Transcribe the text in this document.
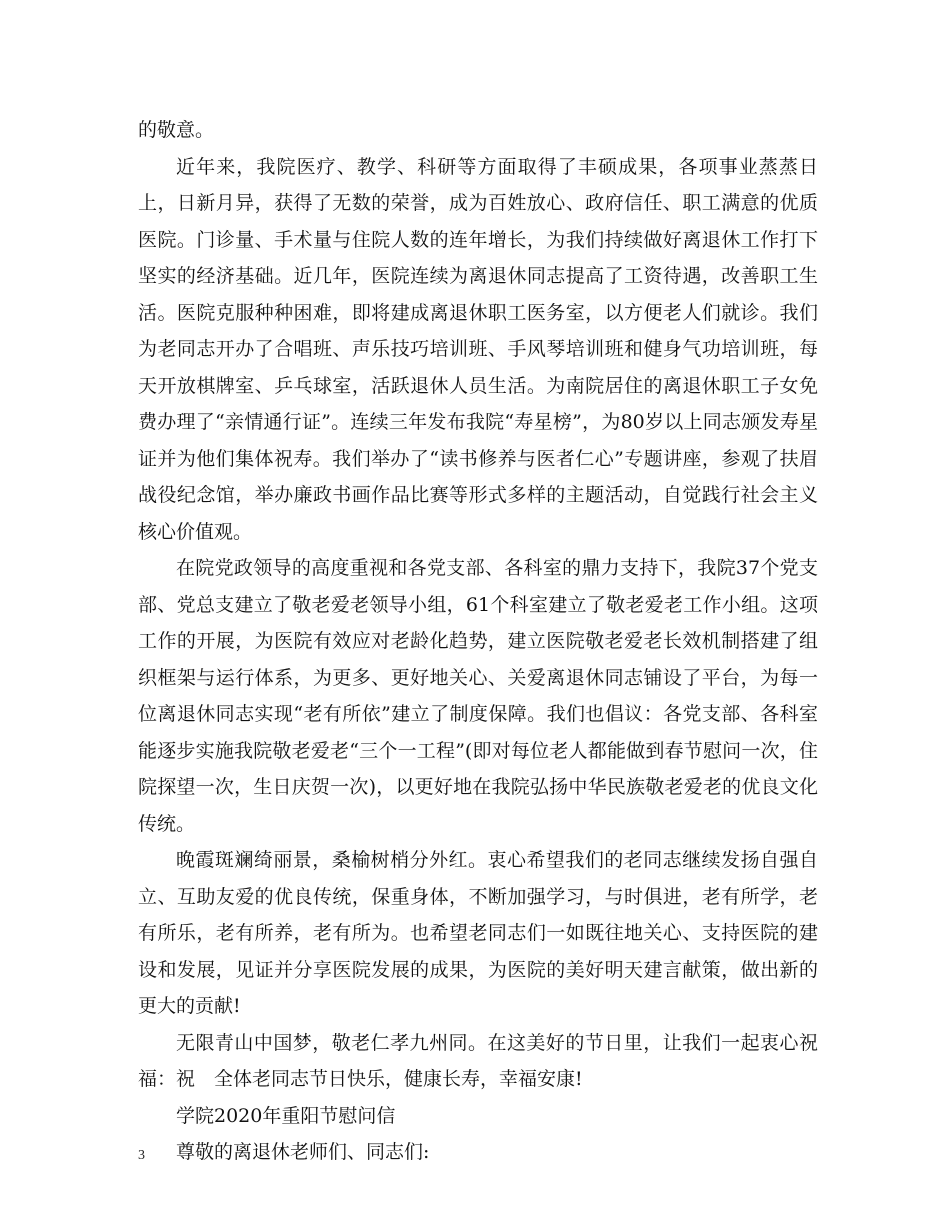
的敬意。

近年来，我院医疗、教学、科研等方面取得了丰硕成果，各项事业蒸蒸日上，日新月异，获得了无数的荣誉，成为百姓放心、政府信任、职工满意的优质医院。门诊量、手术量与住院人数的连年增长，为我们持续做好离退休工作打下坚实的经济基础。近几年，医院连续为离退休同志提高了工资待遇，改善职工生活。医院克服种种困难，即将建成离退休职工医务室，以方便老人们就诊。我们为老同志开办了合唱班、声乐技巧培训班、手风琴培训班和健身气功培训班，每天开放棋牌室、乒乓球室，活跃退休人员生活。为南院居住的离退休职工子女免费办理了“亲情通行证”。连续三年发布我院“寿星榜”，为80岁以上同志颁发寿星证并为他们集体祝寿。我们举办了“读书修养与医者仁心”专题讲座，参观了扶眉战役纪念馆，举办廉政书画作品比赛等形式多样的主题活动，自觉践行社会主义核心价值观。

在院党政领导的高度重视和各党支部、各科室的鼎力支持下，我院37个党支部、党总支建立了敬老爱老领导小组，61个科室建立了敬老爱老工作小组。这项工作的开展，为医院有效应对老龄化趋势，建立医院敬老爱老长效机制搭建了组织框架与运行体系，为更多、更好地关心、关爱离退休同志铺设了平台，为每一位离退休同志实现“老有所依”建立了制度保障。我们也倡议：各党支部、各科室能逐步实施我院敬老爱老“三个一工程”(即对每位老人都能做到春节慰问一次，住院探望一次，生日庆贺一次)，以更好地在我院弘扬中华民族敬老爱老的优良文化传统。

晚霞斑斓绮丽景，桑榆树梢分外红。衷心希望我们的老同志继续发扬自强自立、互助友爱的优良传统，保重身体，不断加强学习，与时俱进，老有所学，老有所乐，老有所养，老有所为。也希望老同志们一如既往地关心、支持医院的建设和发展，见证并分享医院发展的成果，为医院的美好明天建言献策，做出新的更大的贡献!

无限青山中国梦，敬老仁孝九州同。在这美好的节日里，让我们一起衷心祝福：祝　全体老同志节日快乐，健康长寿，幸福安康!

学院2020年重阳节慰问信

尊敬的离退休老师们、同志们:

3
